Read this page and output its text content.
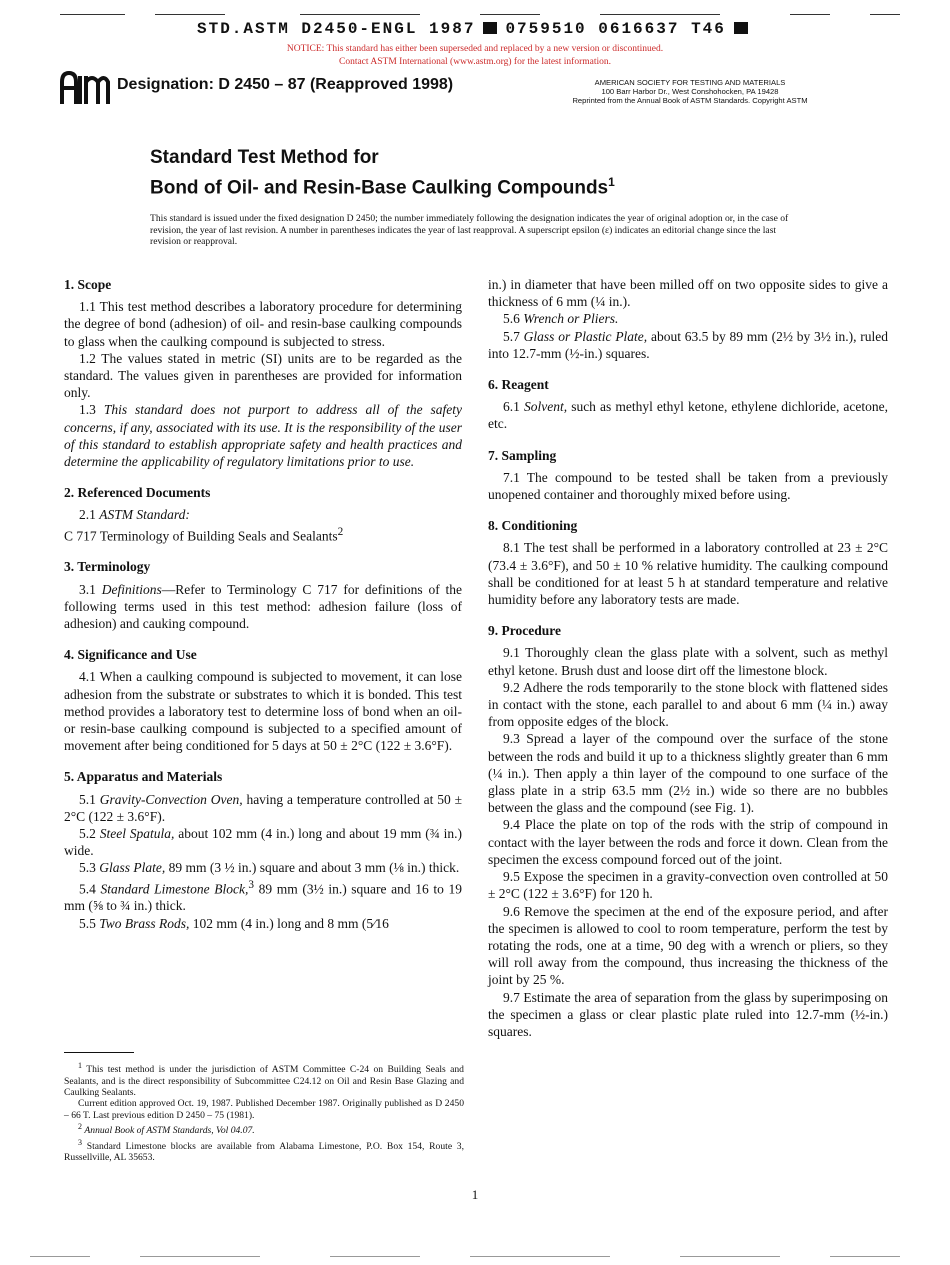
STD.ASTM D2450-ENGL 1987 0759510 0616637 T46
NOTICE: This standard has either been superseded and replaced by a new version or discontinued.
Contact ASTM International (www.astm.org) for the latest information.
Designation: D 2450 – 87 (Reapproved 1998)	AMERICAN SOCIETY FOR TESTING AND MATERIALS
100 Barr Harbor Dr., West Conshohocken, PA 19428
Reprinted from the Annual Book of ASTM Standards. Copyright ASTM
Standard Test Method for
Bond of Oil- and Resin-Base Caulking Compounds$^1$
This standard is issued under the fixed designation D 2450; the number immediately following the designation indicates the year of original adoption or, in the case of revision, the year of last revision. A number in parentheses indicates the year of last reapproval. A superscript epsilon (ε) indicates an editorial change since the last revision or reapproval.
1. Scope

1.1 This test method describes a laboratory procedure for determining the degree of bond (adhesion) of oil- and resin-base caulking compounds to glass when the caulking compound is subjected to stress.

1.2 The values stated in metric (SI) units are to be regarded as the standard. The values given in parentheses are provided for information only.

1.3 This standard does not purport to address all of the safety concerns, if any, associated with its use. It is the responsibility of the user of this standard to establish appropriate safety and health practices and determine the applicability of regulatory limitations prior to use.

2. Referenced Documents

2.1 ASTM Standard:

C 717 Terminology of Building Seals and Sealants$^2$

3. Terminology

3.1 Definitions—Refer to Terminology C 717 for definitions of the following terms used in this test method: adhesion failure (loss of adhesion) and cauking compound.

4. Significance and Use

4.1 When a caulking compound is subjected to movement, it can lose adhesion from the substrate or substrates to which it is bonded. This test method provides a laboratory test to determine loss of bond when an oil- or resin-base caulking compound is subjected to a specified amount of movement after being conditioned for 5 days at 50 ± 2°C (122 ± 3.6°F).

5. Apparatus and Materials

5.1 Gravity-Convection Oven, having a temperature controlled at 50 ± 2°C (122 ± 3.6°F).

5.2 Steel Spatula, about 102 mm (4 in.) long and about 19 mm (¾ in.) wide.

5.3 Glass Plate, 89 mm (3 ½ in.) square and about 3 mm (⅛ in.) thick.

5.4 Standard Limestone Block,$^3$ 89 mm (3½ in.) square and 16 to 19 mm (⅝ to ¾ in.) thick.

5.5 Two Brass Rods, 102 mm (4 in.) long and 8 mm (5⁄16

in.) in diameter that have been milled off on two opposite sides to give a thickness of 6 mm (¼ in.).

5.6 Wrench or Pliers.

5.7 Glass or Plastic Plate, about 63.5 by 89 mm (2½ by 3½ in.), ruled into 12.7-mm (½-in.) squares.

6. Reagent

6.1 Solvent, such as methyl ethyl ketone, ethylene dichloride, acetone, etc.

7. Sampling

7.1 The compound to be tested shall be taken from a previously unopened container and thoroughly mixed before using.

8. Conditioning

8.1 The test shall be performed in a laboratory controlled at 23 ± 2°C (73.4 ± 3.6°F), and 50 ± 10 % relative humidity. The caulking compound shall be conditioned for at least 5 h at standard temperature and relative humidity before any laboratory tests are made.

9. Procedure

9.1 Thoroughly clean the glass plate with a solvent, such as methyl ethyl ketone. Brush dust and loose dirt off the limestone block.

9.2 Adhere the rods temporarily to the stone block with flattened sides in contact with the stone, each parallel to and about 6 mm (¼ in.) away from opposite edges of the block.

9.3 Spread a layer of the compound over the surface of the stone between the rods and build it up to a thickness slightly greater than 6 mm (¼ in.). Then apply a thin layer of the compound to one surface of the glass plate in a strip 63.5 mm (2½ in.) wide so there are no bubbles between the glass and the compound (see Fig. 1).

9.4 Place the plate on top of the rods with the strip of compound in contact with the layer between the rods and force it down. Clean from the specimen the excess compound forced out of the joint.

9.5 Expose the specimen in a gravity-convection oven controlled at 50 ± 2°C (122 ± 3.6°F) for 120 h.

9.6 Remove the specimen at the end of the exposure period, and after the specimen is allowed to cool to room temperature, perform the test by rotating the rods, one at a time, 90 deg with a wrench or pliers, so they will roll away from the compound, thus increasing the thickness of the joint by 25 %.

9.7 Estimate the area of separation from the glass by superimposing on the specimen a glass or clear plastic plate ruled into 12.7-mm (½-in.) squares.

$^1$ This test method is under the jurisdiction of ASTM Committee C-24 on Building Seals and Sealants, and is the direct responsibility of Subcommittee C24.12 on Oil and Resin Base Glazing and Caulking Sealants.

Current edition approved Oct. 19, 1987. Published December 1987. Originally published as D 2450 – 66 T. Last previous edition D 2450 – 75 (1981).

$^2$ Annual Book of ASTM Standards, Vol 04.07.

$^3$ Standard Limestone blocks are available from Alabama Limestone, P.O. Box 154, Route 3, Russellville, AL 35653.

1
